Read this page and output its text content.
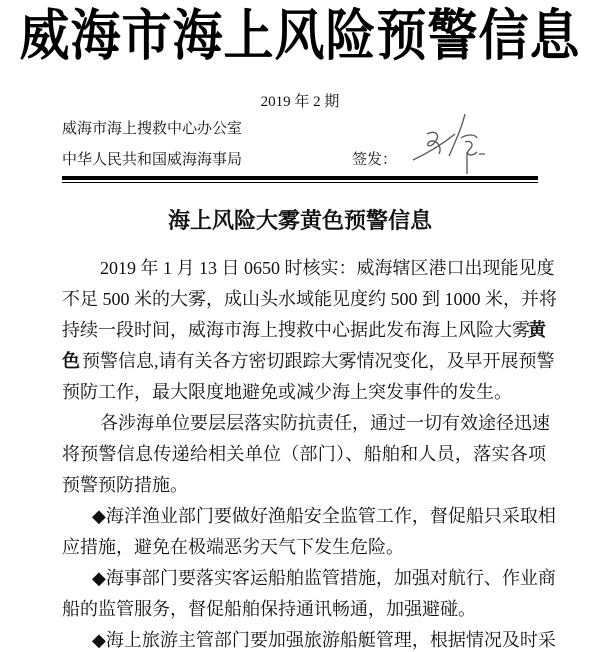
威海市海上风险预警信息
2019 年 2 期
威海市海上搜救中心办公室
中华人民共和国威海海事局	签发：
海上风险大雾黄色预警信息
2019 年 1 月 13 日 0650 时核实：威海辖区港口出现能见度
不足 500 米的大雾，成山头水域能见度约 500 到 1000 米，并将
持续一段时间，威海市海上搜救中心据此发布海上风险大雾
黄
色 预警信息,请有关各方密切跟踪大雾情况变化，及早开展预警
预防工作，最大限度地避免或减少海上突发事件的发生。
各涉海单位要层层落实防抗责任，通过一切有效途径迅速
将预警信息传递给相关单位（部门）、船舶和人员，落实各项
预警预防措施。
◆海洋渔业部门要做好渔船安全监管工作，督促船只采取相
应措施，避免在极端恶劣天气下发生危险。
◆海事部门要落实客运船舶监管措施，加强对航行、作业商
船的监管服务，督促船舶保持通讯畅通，加强避碰。
◆海上旅游主管部门要加强旅游船艇管理，根据情况及时采
